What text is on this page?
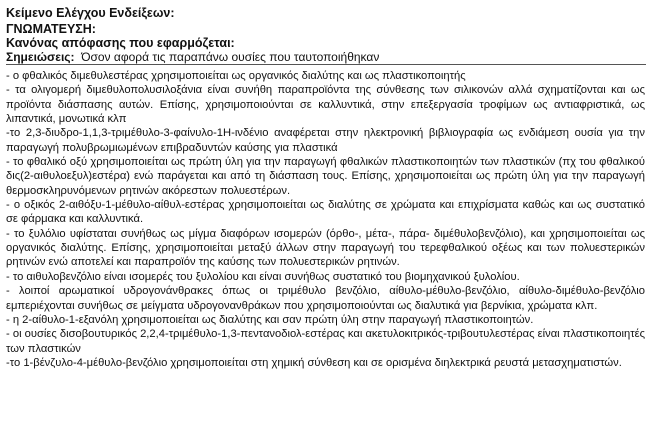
Κείμενο Ελέγχου Ενδείξεων:
ΓΝΩΜΑΤΕΥΣΗ:
Κανόνας απόφασης που εφαρμόζεται:
Σημειώσεις: Όσον αφορά τις παραπάνω ουσίες που ταυτοποιήθηκαν
- ο φθαλικός διμεθυλεστέρας χρησιμοποιείται ως οργανικός διαλύτης και ως πλαστικοποιητής
- τα ολιγομερή διμεθυλοπολυσιλοξάνια είναι συνήθη παραπροϊόντα της σύνθεσης των σιλικονών αλλά σχηματίζονται και ως προϊόντα διάσπασης αυτών. Επίσης, χρησιμοποιούνται σε καλλυντικά, στην επεξεργασία τροφίμων ως αντιαφριστικά, ως λιπαντικά, μονωτικά κλπ
-το 2,3-διυδρο-1,1,3-τριμέθυλο-3-φαίνυλο-1Η-ινδένιο αναφέρεται στην ηλεκτρονική βιβλιογραφία ως ενδιάμεση ουσία για την παραγωγή πολυβρωμιωμένων επιβραδυντών καύσης για πλαστικά
- το φθαλικό οξύ χρησιμοποιείται ως πρώτη ύλη για την παραγωγή φθαλικών πλαστικοποιητών των πλαστικών (πχ του φθαλικού δις(2-αιθυλοεξυλ)εστέρα) ενώ παράγεται και από τη διάσπαση τους. Επίσης, χρησιμοποιείται ως πρώτη ύλη για την παραγωγή θερμοσκληρυνόμενων ρητινών ακόρεστων πολυεστέρων.
- ο οξικός 2-αιθόξυ-1-μέθυλο-αίθυλ-εστέρας χρησιμοποιείται ως διαλύτης σε χρώματα και επιχρίσματα καθώς και ως συστατικό σε φάρμακα και καλλυντικά.
- το ξυλόλιο υφίσταται συνήθως ως μίγμα διαφόρων ισομερών (όρθο-, μέτα-, πάρα- διμέθυλοβενζόλιο), και χρησιμοποιείται ως οργανικός διαλύτης. Επίσης, χρησιμοποιείται μεταξύ άλλων στην παραγωγή του τερεφθαλικού οξέως και των πολυεστερικών ρητινών ενώ αποτελεί και παραπροϊόν της καύσης των πολυεστερικών ρητινών.
- το αιθυλοβενζόλιο είναι ισομερές του ξυλολίου και είναι συνήθως συστατικό του βιομηχανικού ξυλολίου.
- λοιποί αρωματικοί υδρογονάνθρακες όπως οι τριμέθυλο βενζόλιο, αίθυλο-μέθυλο-βενζόλιο, αίθυλο-διμέθυλο-βενζόλιο εμπεριέχονται συνήθως σε μείγματα υδρογονανθράκων που χρησιμοποιούνται ως διαλυτικά για βερνίκια, χρώματα κλπ.
- η 2-αίθυλο-1-εξανόλη χρησιμοποιείται ως διαλύτης και σαν πρώτη ύλη στην παραγωγή πλαστικοποιητών.
- οι ουσίες δισοβουτυρικός 2,2,4-τριμέθυλο-1,3-πεντανοδιολ-εστέρας και ακετυλοκιτρικός-τριβουτυλεστέρας είναι πλαστικοποιητές των πλαστικών
-το 1-βένζυλο-4-μέθυλο-βενζόλιο χρησιμοποιείται στη χημική σύνθεση και σε ορισμένα διηλεκτρικά ρευστά μετασχηματιστών.
